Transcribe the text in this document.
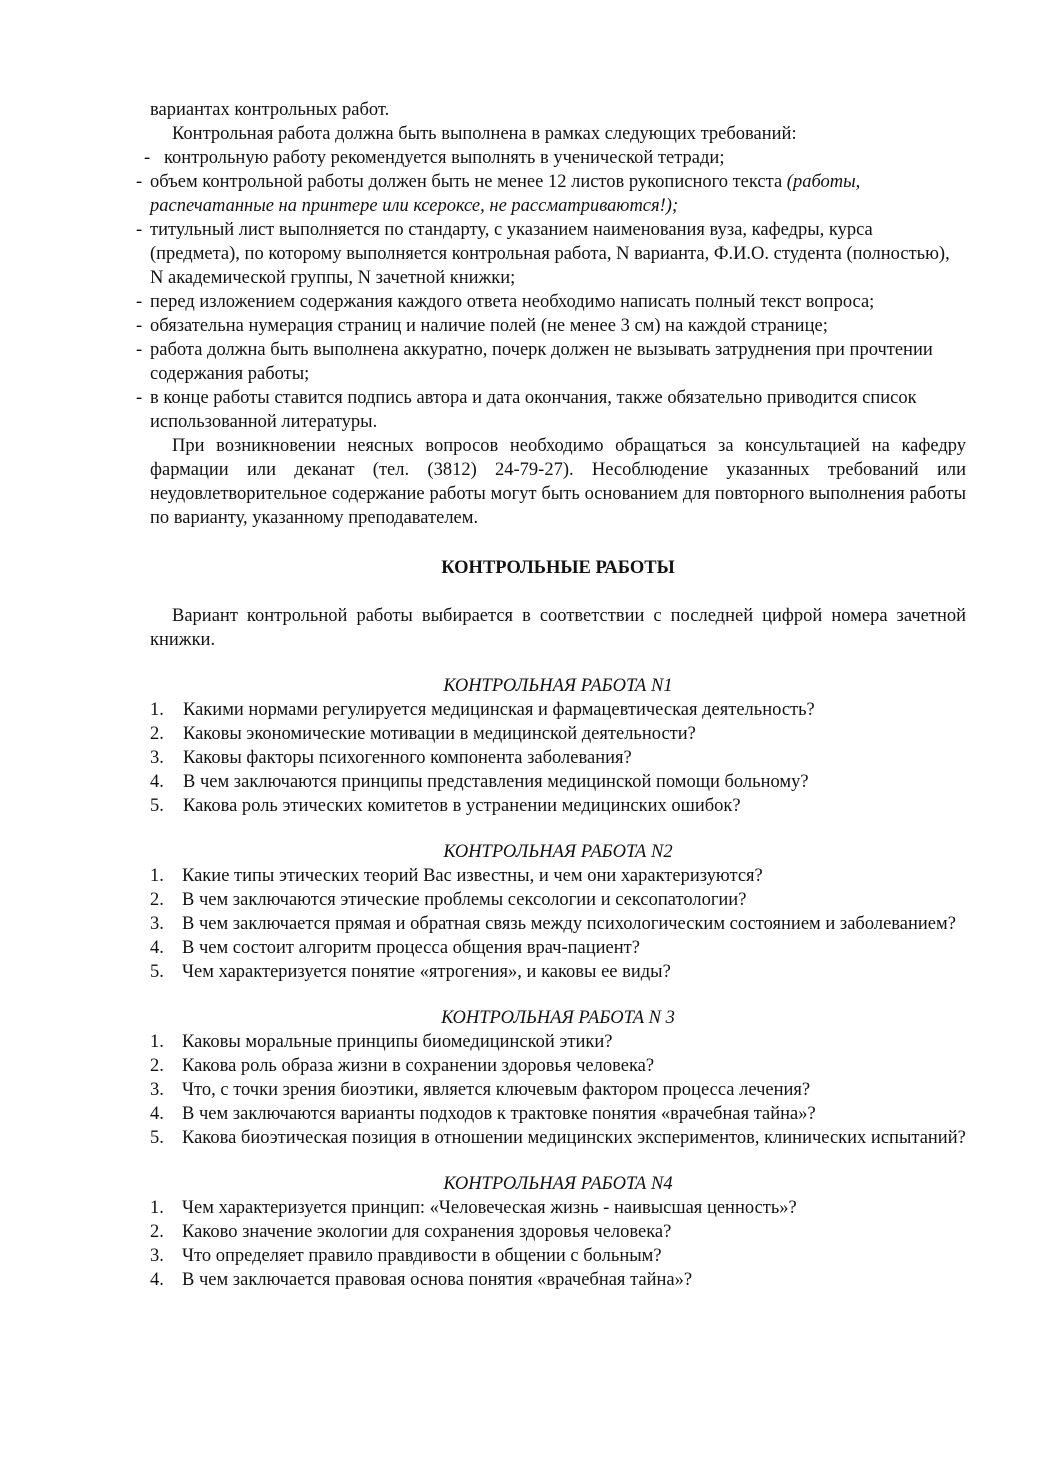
вариантах контрольных работ.

Контрольная работа должна быть выполнена в рамках следующих требований:

- контрольную работу рекомендуется выполнять в ученической тетради;
- объем контрольной работы должен быть не менее 12 листов рукописного текста (работы, распечатанные на принтере или ксероксе, не рассматриваются!);
- титульный лист выполняется по стандарту, с указанием наименования вуза, кафедры, курса (предмета), по которому выполняется контрольная работа, N варианта, Ф.И.О. студента (полностью), N академической группы, N зачетной книжки;
- перед изложением содержания каждого ответа необходимо написать полный текст вопроса;
- обязательна нумерация страниц и наличие полей (не менее 3 см) на каждой странице;
- работа должна быть выполнена аккуратно, почерк должен не вызывать затруднения при прочтении содержания работы;
- в конце работы ставится подпись автора и дата окончания, также обязательно приводится список использованной литературы.

При возникновении неясных вопросов необходимо обращаться за консультацией на кафедру фармации или деканат (тел. (3812) 24-79-27). Несоблюдение указанных требований или неудовлетворительное содержание работы могут быть основанием для повторного выполнения работы по варианту, указанному преподавателем.

КОНТРОЛЬНЫЕ РАБОТЫ

Вариант контрольной работы выбирается в соответствии с последней цифрой номера зачетной книжки.

КОНТРОЛЬНАЯ РАБОТА N1

1. Какими нормами регулируется медицинская и фармацевтическая деятельность?
2. Каковы экономические мотивации в медицинской деятельности?
3. Каковы факторы психогенного компонента заболевания?
4. В чем заключаются принципы представления медицинской помощи больному?
5. Какова роль этических комитетов в устранении медицинских ошибок?

КОНТРОЛЬНАЯ РАБОТА N2

1. Какие типы этических теорий Вас известны, и чем они характеризуются?
2. В чем заключаются этические проблемы сексологии и сексопатологии?
3. В чем заключается прямая и обратная связь между психологическим состоянием и заболеванием?
4. В чем состоит алгоритм процесса общения врач-пациент?
5. Чем характеризуется понятие «ятрогения», и каковы ее виды?

КОНТРОЛЬНАЯ РАБОТА N 3

1. Каковы моральные принципы биомедицинской этики?
2. Какова роль образа жизни в сохранении здоровья человека?
3. Что, с точки зрения биоэтики, является ключевым фактором процесса лечения?
4. В чем заключаются варианты подходов к трактовке понятия «врачебная тайна»?
5. Какова биоэтическая позиция в отношении медицинских экспериментов, клинических испытаний?

КОНТРОЛЬНАЯ РАБОТА N4

1. Чем характеризуется принцип: «Человеческая жизнь - наивысшая ценность»?
2. Каково значение экологии для сохранения здоровья человека?
3. Что определяет правило правдивости в общении с больным?
4. В чем заключается правовая основа понятия «врачебная тайна»?
